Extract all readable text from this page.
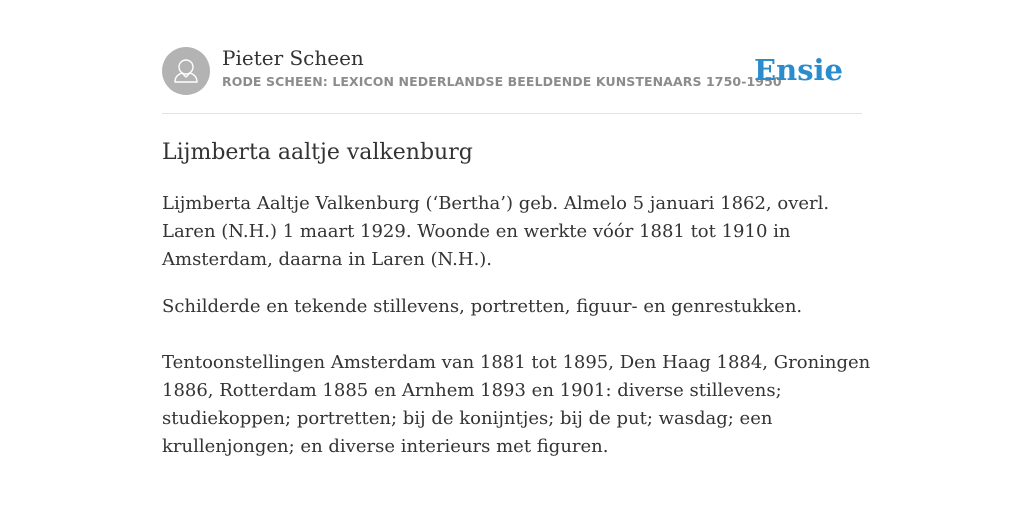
Pieter Scheen
RODE SCHEEN: LEXICON NEDERLANDSE BEELDENDE KUNSTENAARS 1750-1950
Ensie
Lijmberta aaltje valkenburg

Lijmberta Aaltje Valkenburg (‘Bertha’) geb. Almelo 5 januari 1862, overl. Laren (N.H.) 1 maart 1929. Woonde en werkte vóór 1881 tot 1910 in Amsterdam, daarna in Laren (N.H.).

Schilderde en tekende stillevens, portretten, figuur- en genrestukken.

Tentoonstellingen Amsterdam van 1881 tot 1895, Den Haag 1884, Groningen 1886, Rotterdam 1885 en Arnhem 1893 en 1901: diverse stillevens; studiekoppen; portretten; bij de konijntjes; bij de put; wasdag; een krullenjongen; en diverse interieurs met figuren.
